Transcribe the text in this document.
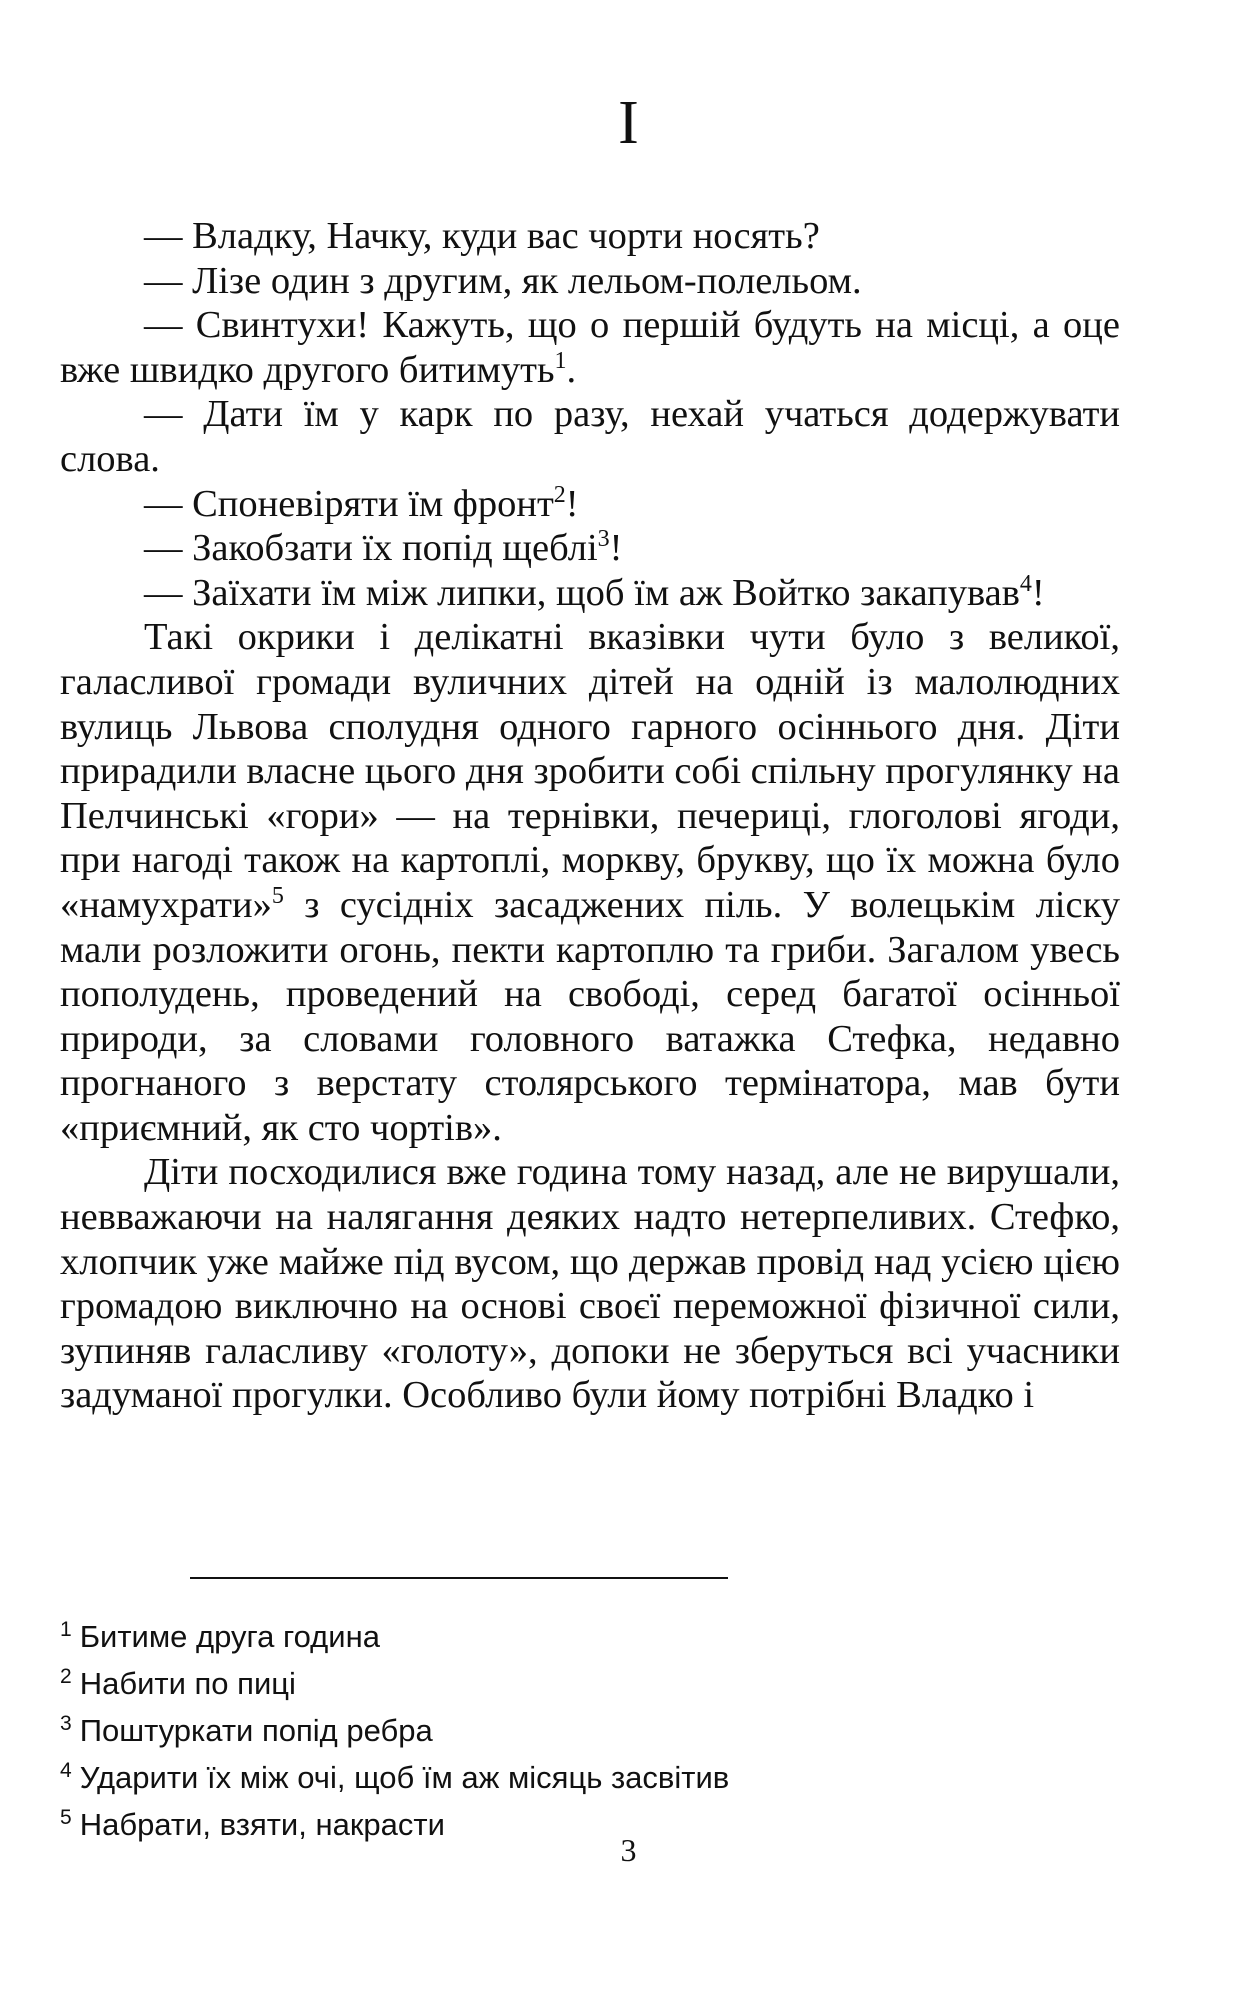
I

— Владку, Начку, куди вас чорти носять?

— Лізе один з другим, як лельом-полельом.

— Свинтухи! Кажуть, що о першій будуть на місці, а оце вже швидко другого битимуть$^1$.

— Дати їм у карк по разу, нехай учаться додержувати слова.

— Споневіряти їм фронт$^2$!

— Закобзати їх попід щеблі$^3$!

— Заїхати їм між липки, щоб їм аж Войтко закапував$^4$!

Такі окрики і делікатні вказівки чути було з великої, галасливої громади вуличних дітей на одній із малолюдних вулиць Львова сполудня одного гарного осіннього дня. Діти прирадили власне цього дня зробити собі спільну прогулянку на Пелчинські «гори» — на тернівки, печериці, глоголові ягоди, при нагоді також на картоплі, моркву, брукву, що їх можна було «намухрати»$^5$ з сусідніх засаджених піль. У волецькім ліску мали розложити огонь, пекти картоплю та гриби. Загалом увесь пополудень, проведений на свободі, серед багатої осінньої природи, за словами головного ватажка Стефка, недавно прогнаного з верстату столярського термінатора, мав бути «приємний, як сто чортів».

Діти посходилися вже година тому назад, але не вирушали, невважаючи на налягання деяких надто нетерпеливих. Стефко, хлопчик уже майже під вусом, що держав провід над усією цією громадою виключно на основі своєї переможної фізичної сили, зупиняв галасливу «голоту», допоки не зберуться всі учасники задуманої прогулки. Особливо були йому потрібні Владко і

$^1$ Битиме друга година
$^2$ Набити по пиці
$^3$ Поштуркати попід ребра
$^4$ Ударити їх між очі, щоб їм аж місяць засвітив
$^5$ Набрати, взяти, накрасти
3
